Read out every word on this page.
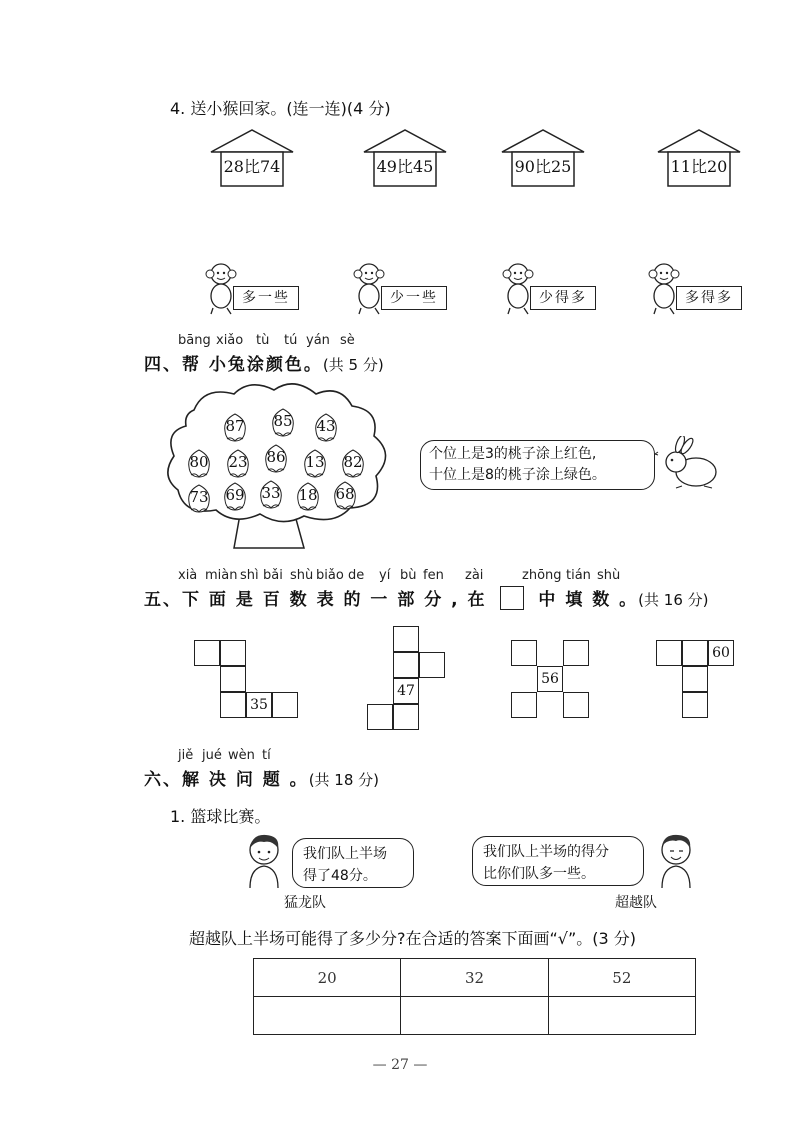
4. 送小猴回家。(连一连)(4 分)
28比74	49比45	90比25	11比20
多一些	少一些	少得多	多得多
bāng xiǎo tù tú yán sè
四、帮 小兔涂颜色。(共 5 分)
87 85 43
80 23 86 13 82
73 69 33 18 68
个位上是3的桃子涂上红色,
十位上是8的桃子涂上绿色。
xià miàn shì bǎi shù biǎo de yí bù fen zài	zhōng tián shù
五、下 面 是 百 数 表 的 一 部 分 , 在	中 填 数 。(共 16 分)
35
47
56
60
jiě jué wèn tí
六、解 决 问 题 。(共 18 分)
1. 篮球比赛。
我们队上半场
得了48分。
猛龙队
我们队上半场的得分
比你们队多一些。
超越队
超越队上半场可能得了多少分?在合适的答案下面画“√”。(3 分)
20	32	52

— 27 —
